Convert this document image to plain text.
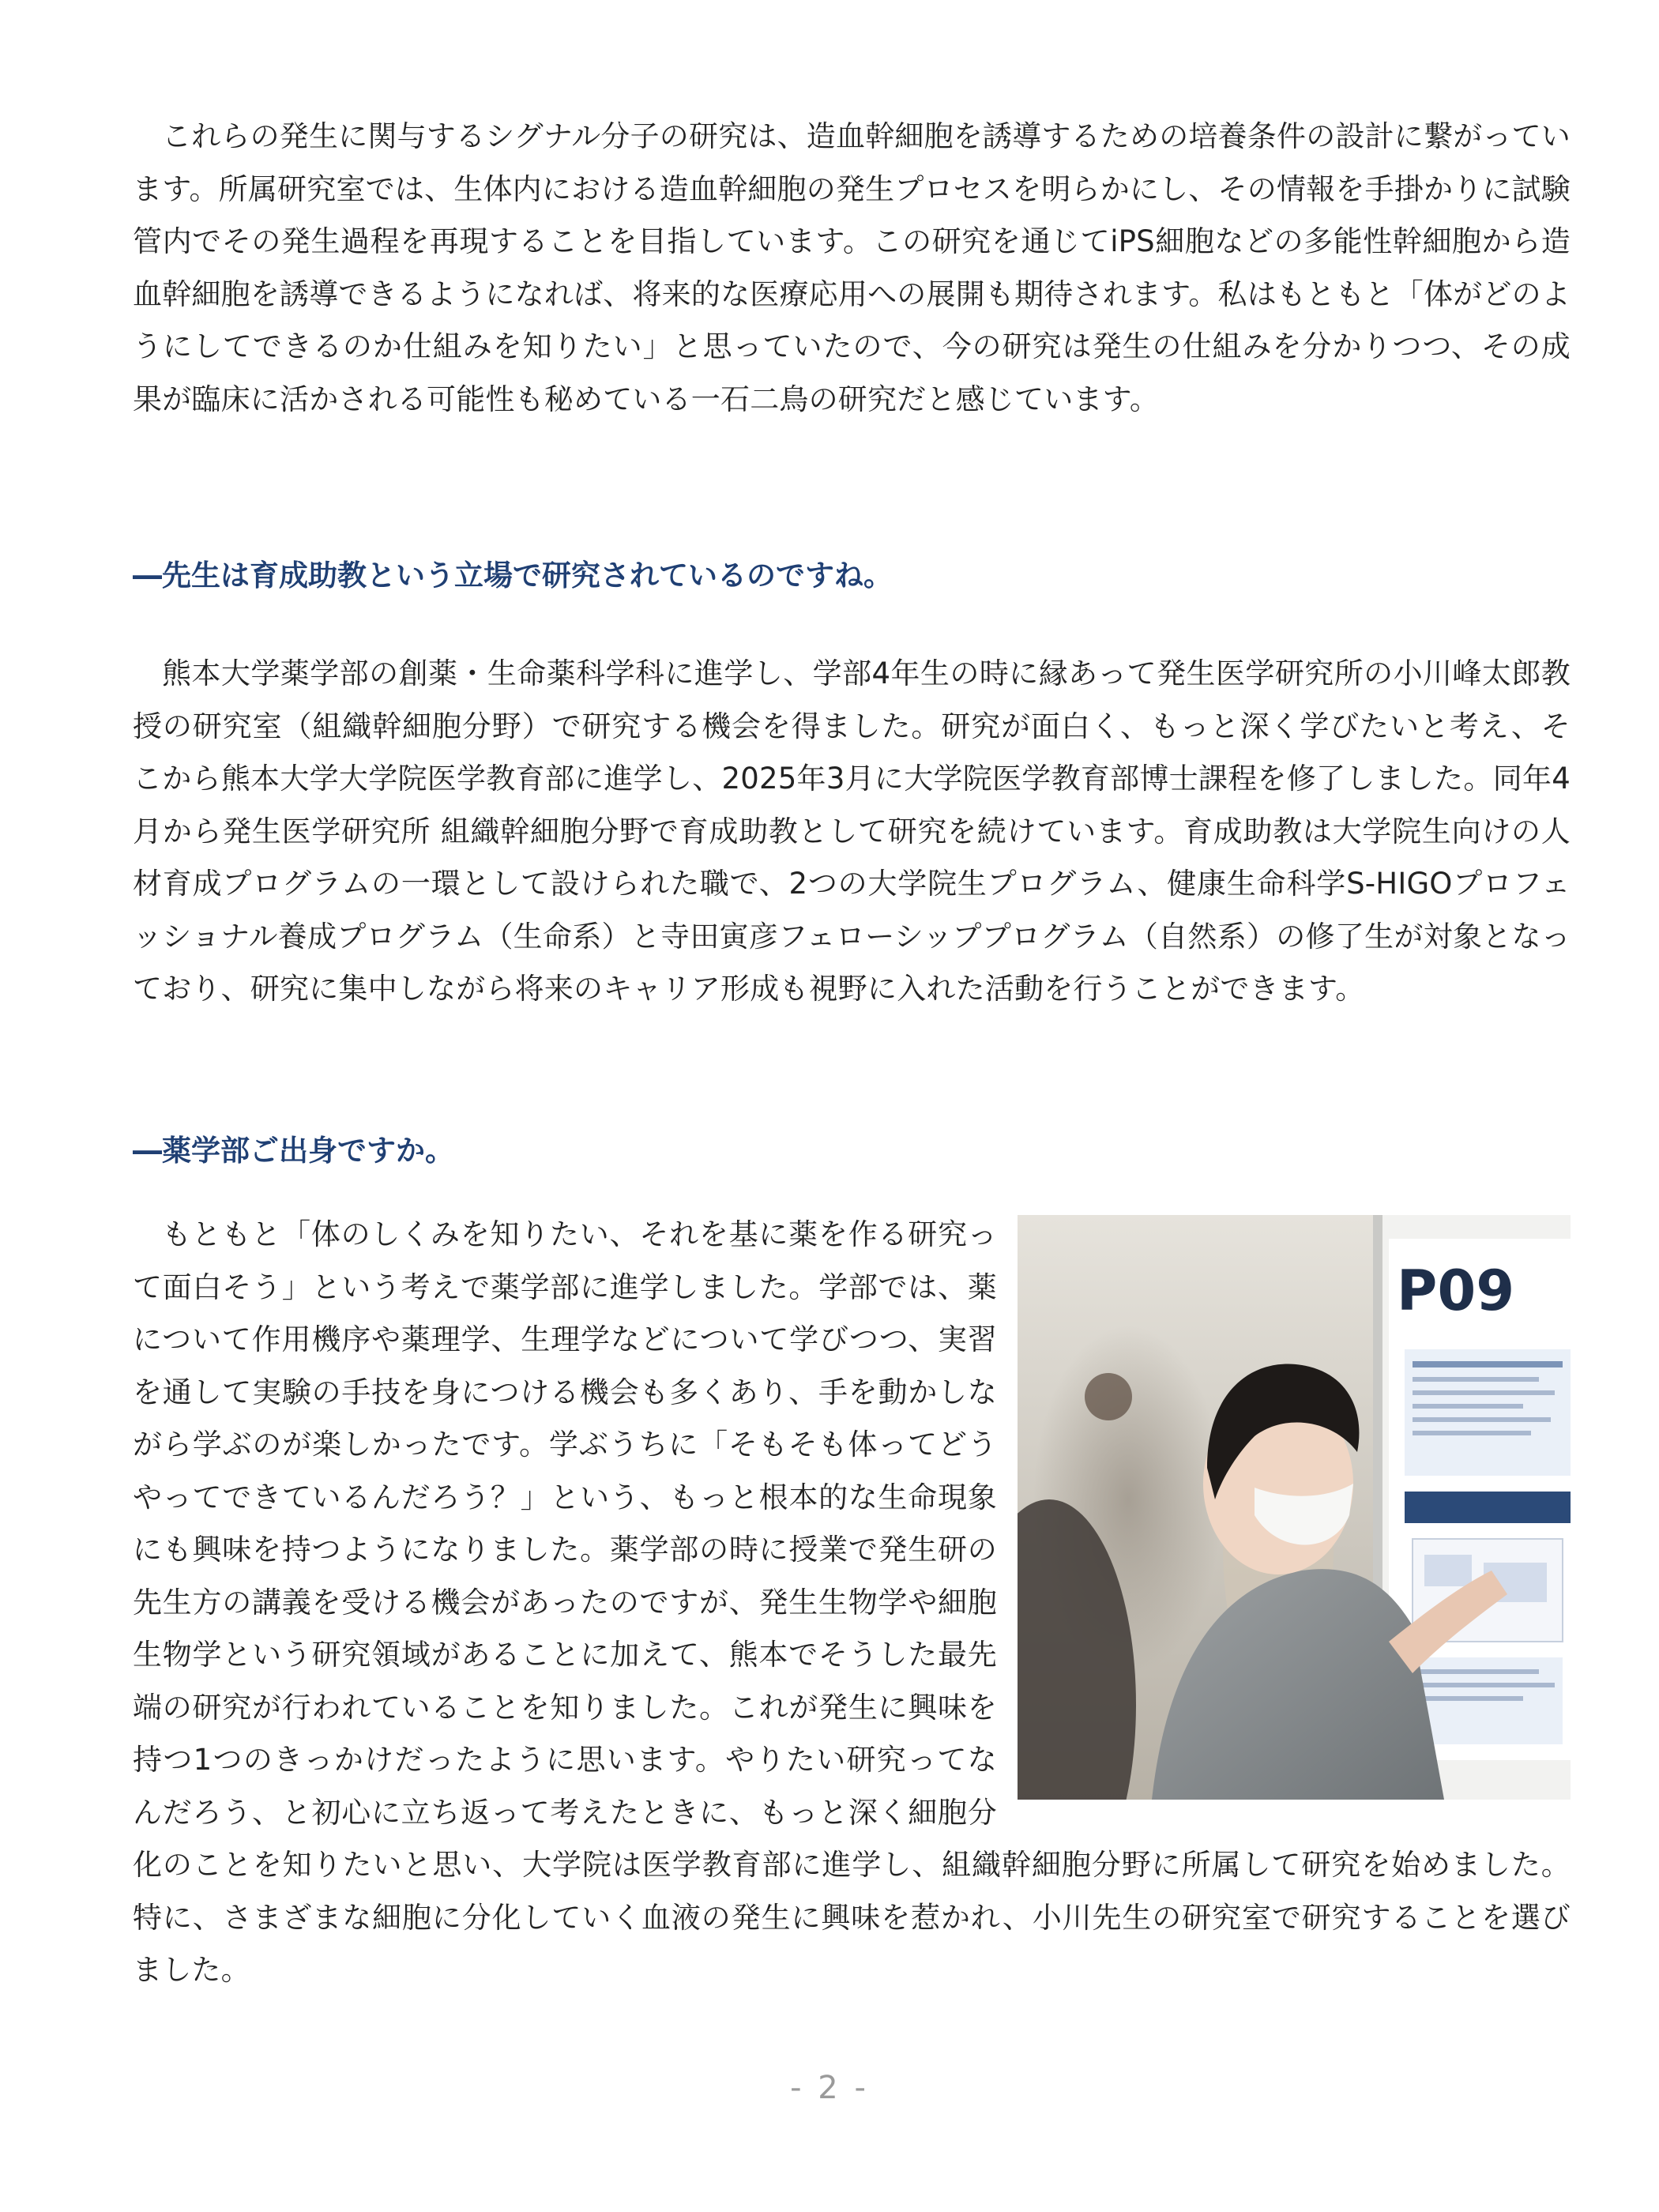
これらの発生に関与するシグナル分子の研究は、造血幹細胞を誘導するための培養条件の設計に繋がっています。所属研究室では、生体内における造血幹細胞の発生プロセスを明らかにし、その情報を手掛かりに試験管内でその発生過程を再現することを目指しています。この研究を通じてiPS細胞などの多能性幹細胞から造血幹細胞を誘導できるようになれば、将来的な医療応用への展開も期待されます。私はもともと「体がどのようにしてできるのか仕組みを知りたい」と思っていたので、今の研究は発生の仕組みを分かりつつ、その成果が臨床に活かされる可能性も秘めている一石二鳥の研究だと感じています。

―先生は育成助教という立場で研究されているのですね。

熊本大学薬学部の創薬・生命薬科学科に進学し、学部4年生の時に縁あって発生医学研究所の小川峰太郎教授の研究室（組織幹細胞分野）で研究する機会を得ました。研究が面白く、もっと深く学びたいと考え、そこから熊本大学大学院医学教育部に進学し、2025年3月に大学院医学教育部博士課程を修了しました。同年4月から発生医学研究所 組織幹細胞分野で育成助教として研究を続けています。育成助教は大学院生向けの人材育成プログラムの一環として設けられた職で、2つの大学院生プログラム、健康生命科学S-HIGOプロフェッショナル養成プログラム（生命系）と寺田寅彦フェローシッププログラム（自然系）の修了生が対象となっており、研究に集中しながら将来のキャリア形成も視野に入れた活動を行うことができます。

―薬学部ご出身ですか。
P09
もともと「体のしくみを知りたい、それを基に薬を作る研究って面白そう」という考えで薬学部に進学しました。学部では、薬について作用機序や薬理学、生理学などについて学びつつ、実習を通して実験の手技を身につける機会も多くあり、手を動かしながら学ぶのが楽しかったです。学ぶうちに「そもそも体ってどうやってできているんだろう？」という、もっと根本的な生命現象にも興味を持つようになりました。薬学部の時に授業で発生研の先生方の講義を受ける機会があったのですが、発生生物学や細胞生物学という研究領域があることに加えて、熊本でそうした最先端の研究が行われていることを知りました。これが発生に興味を持つ1つのきっかけだったように思います。やりたい研究ってなんだろう、と初心に立ち返って考えたときに、もっと深く細胞分化のことを知りたいと思い、大学院は医学教育部に進学し、組織幹細胞分野に所属して研究を始めました。特に、さまざまな細胞に分化していく血液の発生に興味を惹かれ、小川先生の研究室で研究することを選びました。
- 2 -
